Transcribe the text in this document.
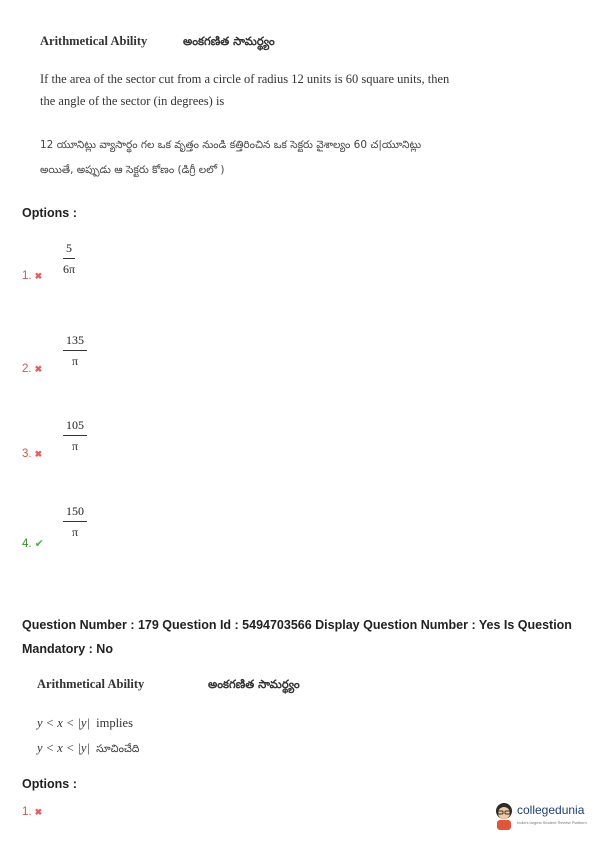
Arithmetical Ability	అంకగణిత సామర్థ్యం
If the area of the sector cut from a circle of radius 12 units is 60 square units, then
the angle of the sector (in degrees) is
12 యూనిట్లు వ్యాసార్థం గల ఒక వృత్తం నుండి కత్తిరించిన ఒక సెక్టరు వైశాల్యం 60 చ|యూనిట్లు
అయితే, అప్పుడు ఆ సెక్టరు కోణం (డిగ్రీ లలో )
Options :
$\frac{5}{6\pi}$
1. ✖
$\frac{135}{\pi}$
2. ✖
$\frac{105}{\pi}$
3. ✖
$\frac{150}{\pi}$
4. ✔
Question Number : 179 Question Id : 5494703566 Display Question Number : Yes Is Question
Mandatory : No
Arithmetical Ability	అంకగణిత సామర్థ్యం
y < x < |y| implies
y < x < |y| సూచించేది
Options :
1. ✖	collegedunia
India's largest Student Review Platform
